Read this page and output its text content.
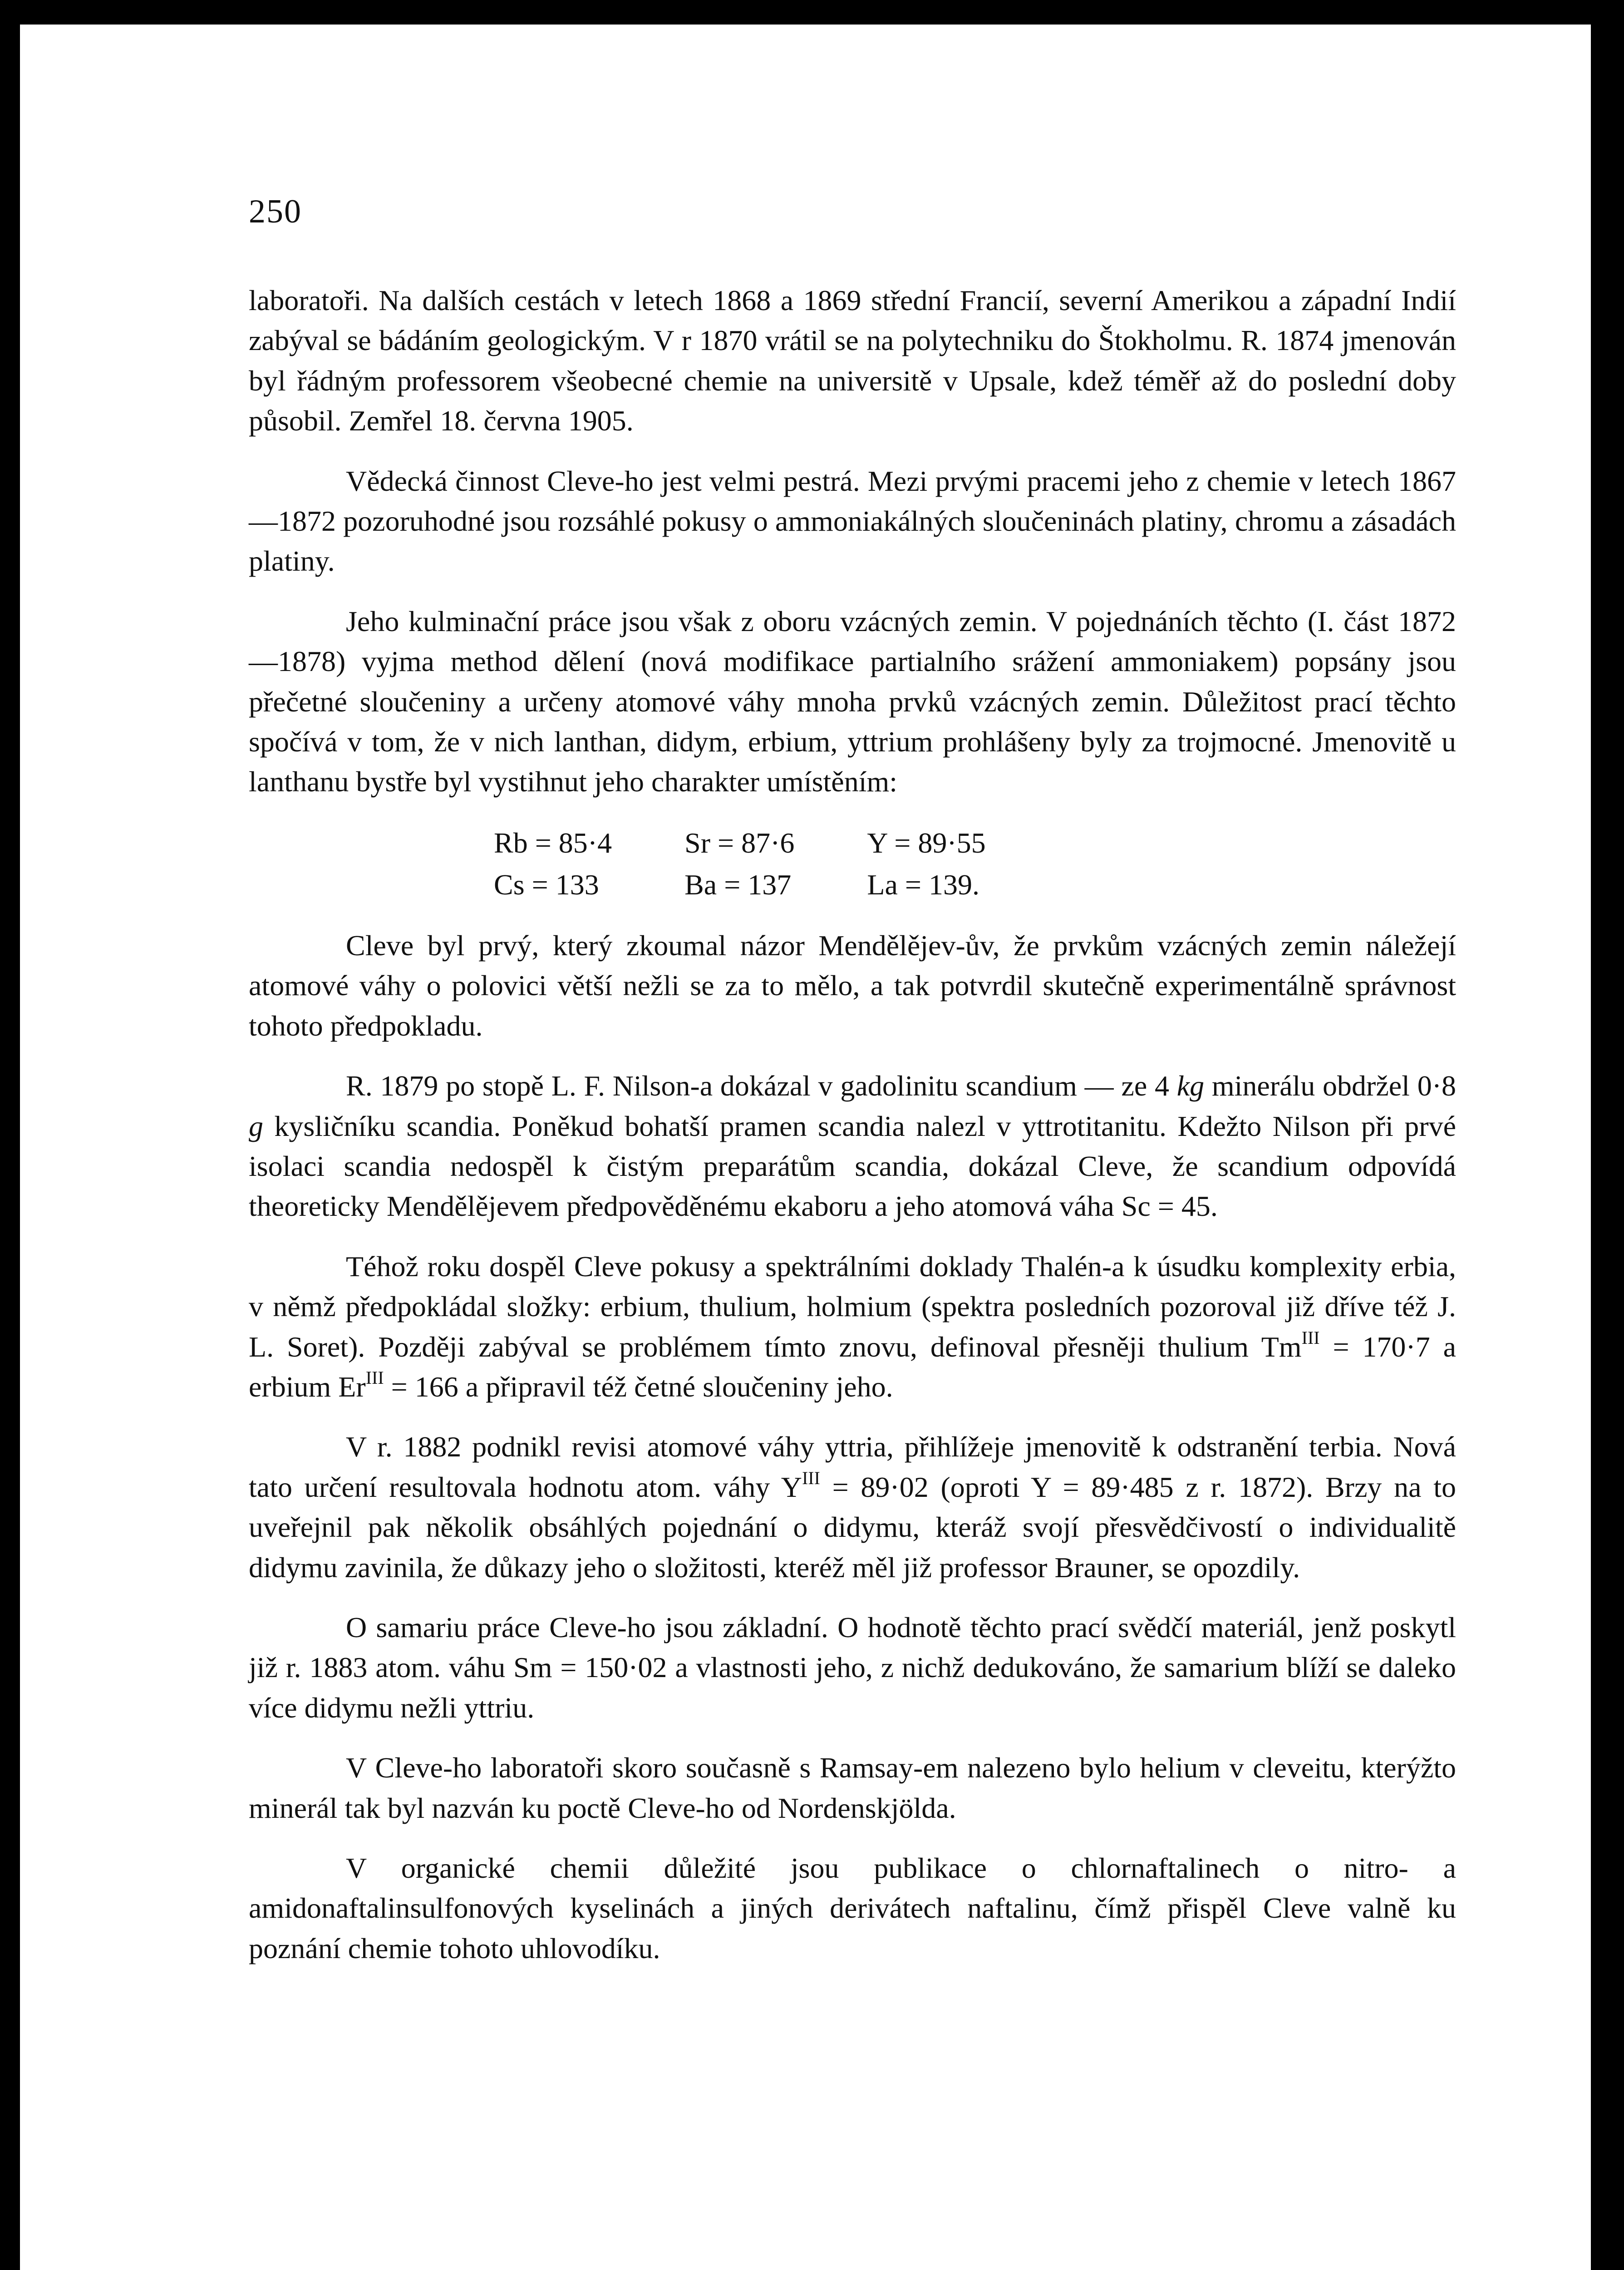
250

laboratoři. Na dalších cestách v letech 1868 a 1869 střední Francií, severní Amerikou a západní Indií zabýval se bádáním geologickým. V r 1870 vrátil se na polytechniku do Štokholmu. R. 1874 jmenován byl řádným professorem všeobecné chemie na universitě v Upsale, kdež téměř až do poslední doby působil. Zemřel 18. června 1905.

Vědecká činnost Cleve-ho jest velmi pestrá. Mezi prvými pracemi jeho z chemie v letech 1867—1872 pozoruhodné jsou rozsáhlé pokusy o ammoniakálných sloučeninách platiny, chromu a zásadách platiny.

Jeho kulminační práce jsou však z oboru vzácných zemin. V pojednáních těchto (I. část 1872—1878) vyjma method dělení (nová modifikace partialního srážení ammoniakem) popsány jsou přečetné sloučeniny a určeny atomové váhy mnoha prvků vzácných zemin. Důležitost prací těchto spočívá v tom, že v nich lanthan, didym, erbium, yttrium prohlášeny byly za trojmocné. Jmenovitě u lanthanu bystře byl vystihnut jeho charakter umístěním:

Rb = 85·4	Sr = 87·6	Y = 89·55
Cs = 133	Ba = 137	La = 139.

Cleve byl prvý, který zkoumal názor Mendělějev-ův, že prvkům vzácných zemin náležejí atomové váhy o polovici větší nežli se za to mělo, a tak potvrdil skutečně experimentálně správnost tohoto předpokladu.

R. 1879 po stopě L. F. Nilson-a dokázal v gadolinitu scandium — ze 4 kg minerálu obdržel 0·8 g kysličníku scandia. Poněkud bohatší pramen scandia nalezl v yttrotitanitu. Kdežto Nilson při prvé isolaci scandia nedospěl k čistým preparátům scandia, dokázal Cleve, že scandium odpovídá theoreticky Mendělějevem předpověděnému ekaboru a jeho atomová váha Sc = 45.

Téhož roku dospěl Cleve pokusy a spektrálními doklady Thalén-a k úsudku komplexity erbia, v němž předpokládal složky: erbium, thulium, holmium (spektra posledních pozoroval již dříve též J. L. Soret). Později zabýval se problémem tímto znovu, definoval přesněji thulium $Tm^{III} = 170\cdot 7$ a erbium $Er^{III} = 166$ a připravil též četné sloučeniny jeho.

V r. 1882 podnikl revisi atomové váhy yttria, přihlížeje jmenovitě k odstranění terbia. Nová tato určení resultovala hodnotu atom. váhy $Y^{III} = 89\cdot 02$ (oproti Y = 89·485 z r. 1872). Brzy na to uveřejnil pak několik obsáhlých pojednání o didymu, kteráž svojí přesvědčivostí o individualitě didymu zavinila, že důkazy jeho o složitosti, kteréž měl již professor Brauner, se opozdily.

O samariu práce Cleve-ho jsou základní. O hodnotě těchto prací svědčí materiál, jenž poskytl již r. 1883 atom. váhu Sm = 150·02 a vlastnosti jeho, z nichž dedukováno, že samarium blíží se daleko více didymu nežli yttriu.

V Cleve-ho laboratoři skoro současně s Ramsay-em nalezeno bylo helium v cleveitu, kterýžto minerál tak byl nazván ku poctě Cleve-ho od Nordenskjölda.

V organické chemii důležité jsou publikace o chlornaftalinech o nitro- a amidonaftalinsulfonových kyselinách a jiných derivátech naftalinu, čímž přispěl Cleve valně ku poznání chemie tohoto uhlovodíku.
